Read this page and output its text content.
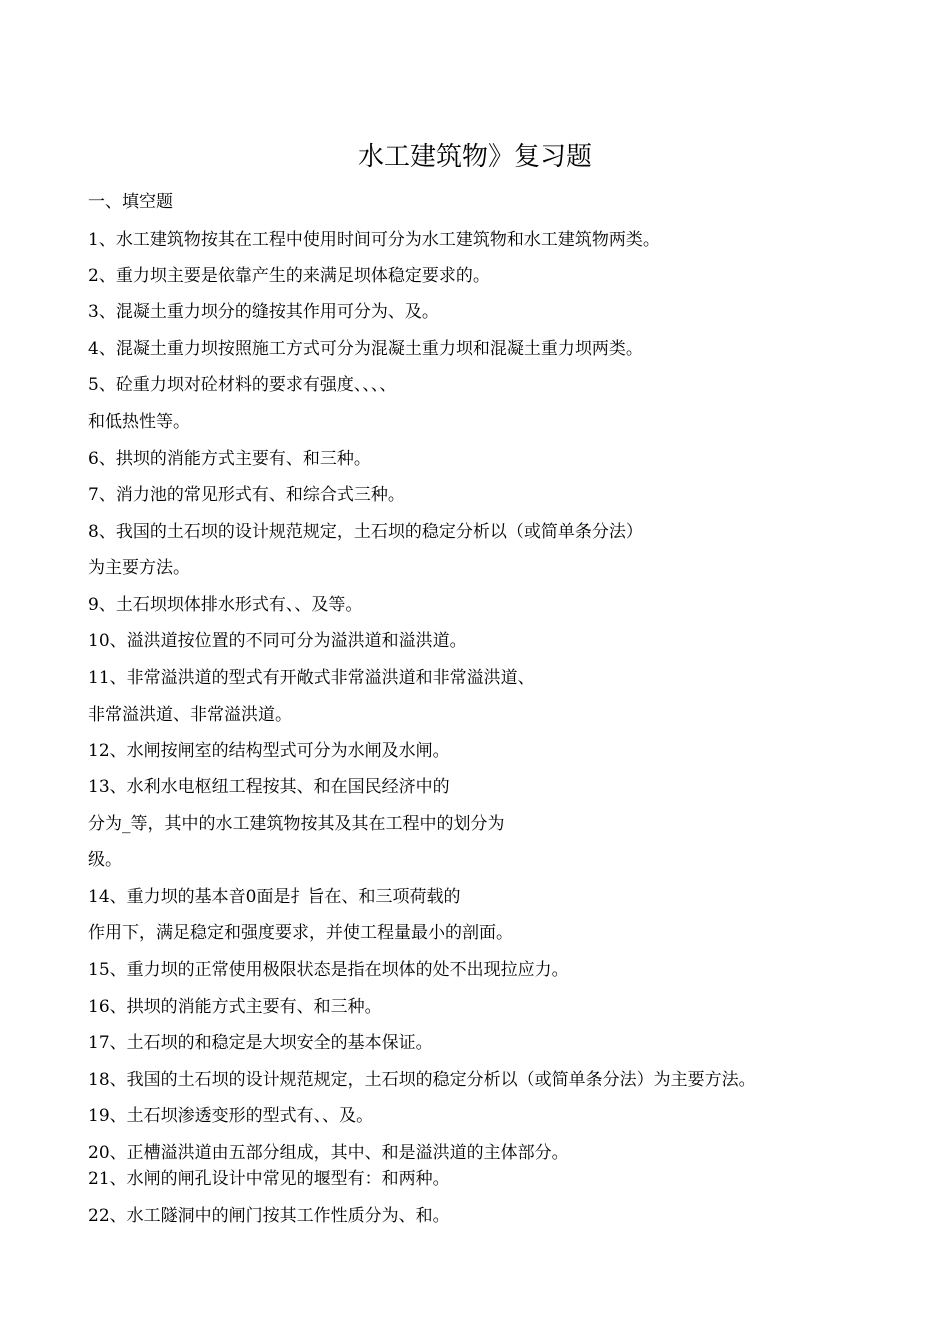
水工建筑物》复习题
一、填空题
1、水工建筑物按其在工程中使用时间可分为水工建筑物和水工建筑物两类。
2、重力坝主要是依靠产生的来满足坝体稳定要求的。
3、混凝土重力坝分的缝按其作用可分为、及。
4、混凝土重力坝按照施工方式可分为混凝土重力坝和混凝土重力坝两类。
5、砼重力坝对砼材料的要求有强度、、、、
和低热性等。
6、拱坝的消能方式主要有、和三种。
7、消力池的常见形式有、和综合式三种。
8、我国的土石坝的设计规范规定，土石坝的稳定分析以（或简单条分法）
为主要方法。
9、土石坝坝体排水形式有、、及等。
10、溢洪道按位置的不同可分为溢洪道和溢洪道。
11、非常溢洪道的型式有开敞式非常溢洪道和非常溢洪道、
非常溢洪道、非常溢洪道。
12、水闸按闸室的结构型式可分为水闸及水闸。
13、水利水电枢纽工程按其、和在国民经济中的
分为_等，其中的水工建筑物按其及其在工程中的划分为
级。
14、重力坝的基本音0面是扌旨在、和三项荷载的
作用下，满足稳定和强度要求，并使工程量最小的剖面。
15、重力坝的正常使用极限状态是指在坝体的处不出现拉应力。
16、拱坝的消能方式主要有、和三种。
17、土石坝的和稳定是大坝安全的基本保证。
18、我国的土石坝的设计规范规定，土石坝的稳定分析以（或简单条分法）为主要方法。
19、土石坝渗透变形的型式有、、及。
20、正槽溢洪道由五部分组成，其中、和是溢洪道的主体部分。
21、水闸的闸孔设计中常见的堰型有：和两种。
22、水工隧洞中的闸门按其工作性质分为、和。
